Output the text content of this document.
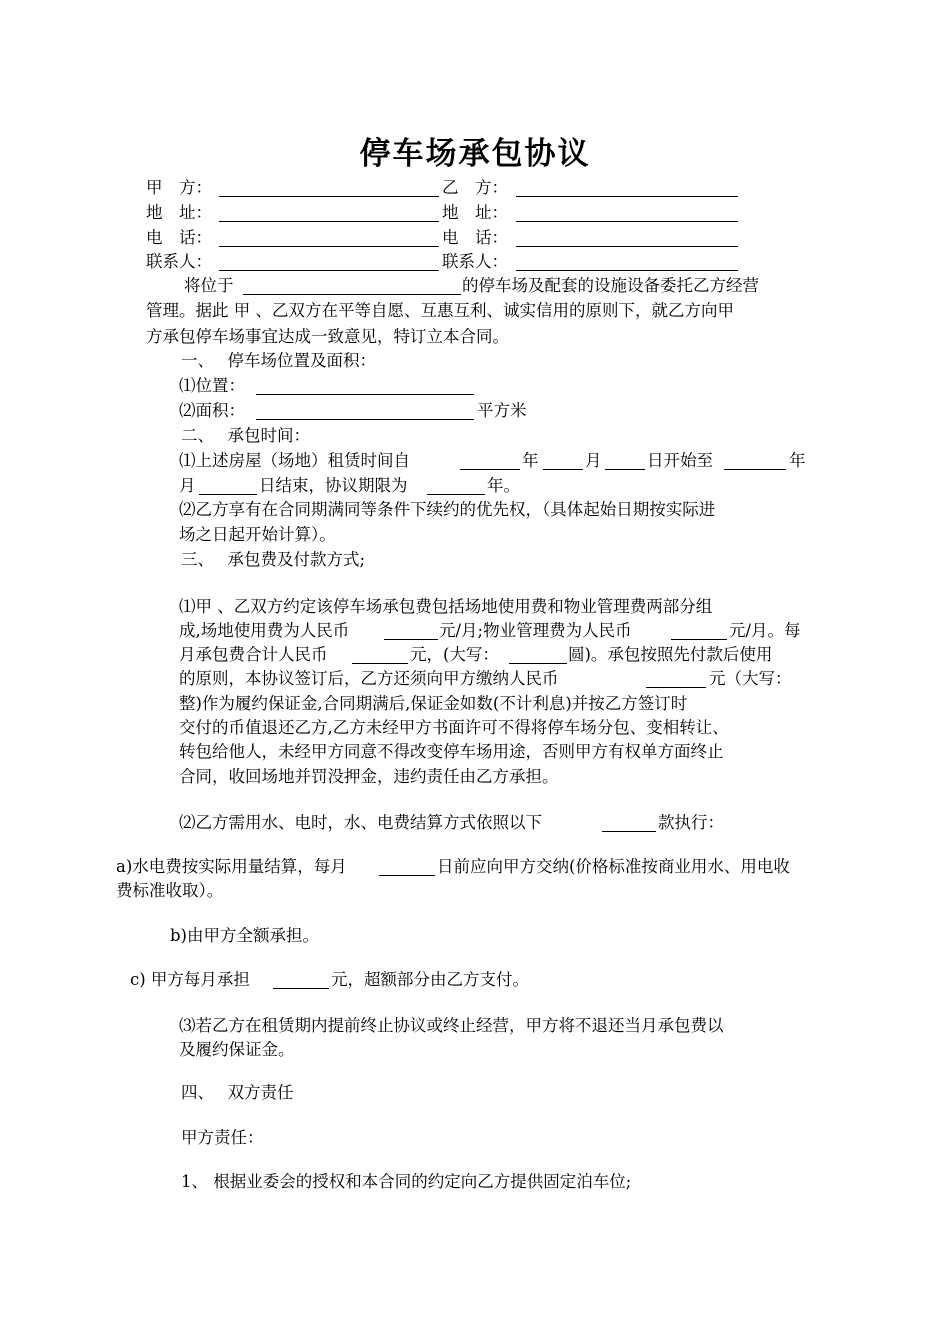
停车场承包协议
甲　方：	乙　方：
地　址：	地　址：
电　话：	电　话：
联系人：	联系人：
将位于	的停车场及配套的设施设备委托乙方经营
管理。据此 甲 、乙双方在平等自愿、互惠互利、诚实信用的原则下，就乙方向甲
方承包停车场事宜达成一致意见，特订立本合同。
一、　 停车场位置及面积：
⑴位置：
⑵面积：	平方米
二、　 承包时间：
⑴上述房屋（场地）租赁时间自	年	月	日开始至	年
月	日结束，协议期限为	年。
⑵乙方享有在合同期满同等条件下续约的优先权，（具体起始日期按实际进
场之日起开始计算）。
三、　 承包费及付款方式;
⑴甲 、乙双方约定该停车场承包费包括场地使用费和物业管理费两部分组
成,场地使用费为人民币	元/月;物业管理费为人民币	元/月。每
月承包费合计人民币	元，(大写：	圆)。承包按照先付款后使用
的原则，本协议签订后，乙方还须向甲方缴纳人民币	元（大写：
整)作为履约保证金,合同期满后,保证金如数(不计利息)并按乙方签订时
交付的币值退还乙方,乙方未经甲方书面许可不得将停车场分包、变相转让、
转包给他人，未经甲方同意不得改变停车场用途，否则甲方有权单方面终止
合同，收回场地并罚没押金，违约责任由乙方承担。
⑵乙方需用水、电时，水、电费结算方式依照以下	款执行：
a)水电费按实际用量结算，每月	日前应向甲方交纳(价格标准按商业用水、用电收
费标准收取）。
b)由甲方全额承担。
c) 甲方每月承担	元，超额部分由乙方支付。
⑶若乙方在租赁期内提前终止协议或终止经营，甲方将不退还当月承包费以
及履约保证金。
四、　 双方责任
甲方责任：
1、 根据业委会的授权和本合同的约定向乙方提供固定泊车位;
